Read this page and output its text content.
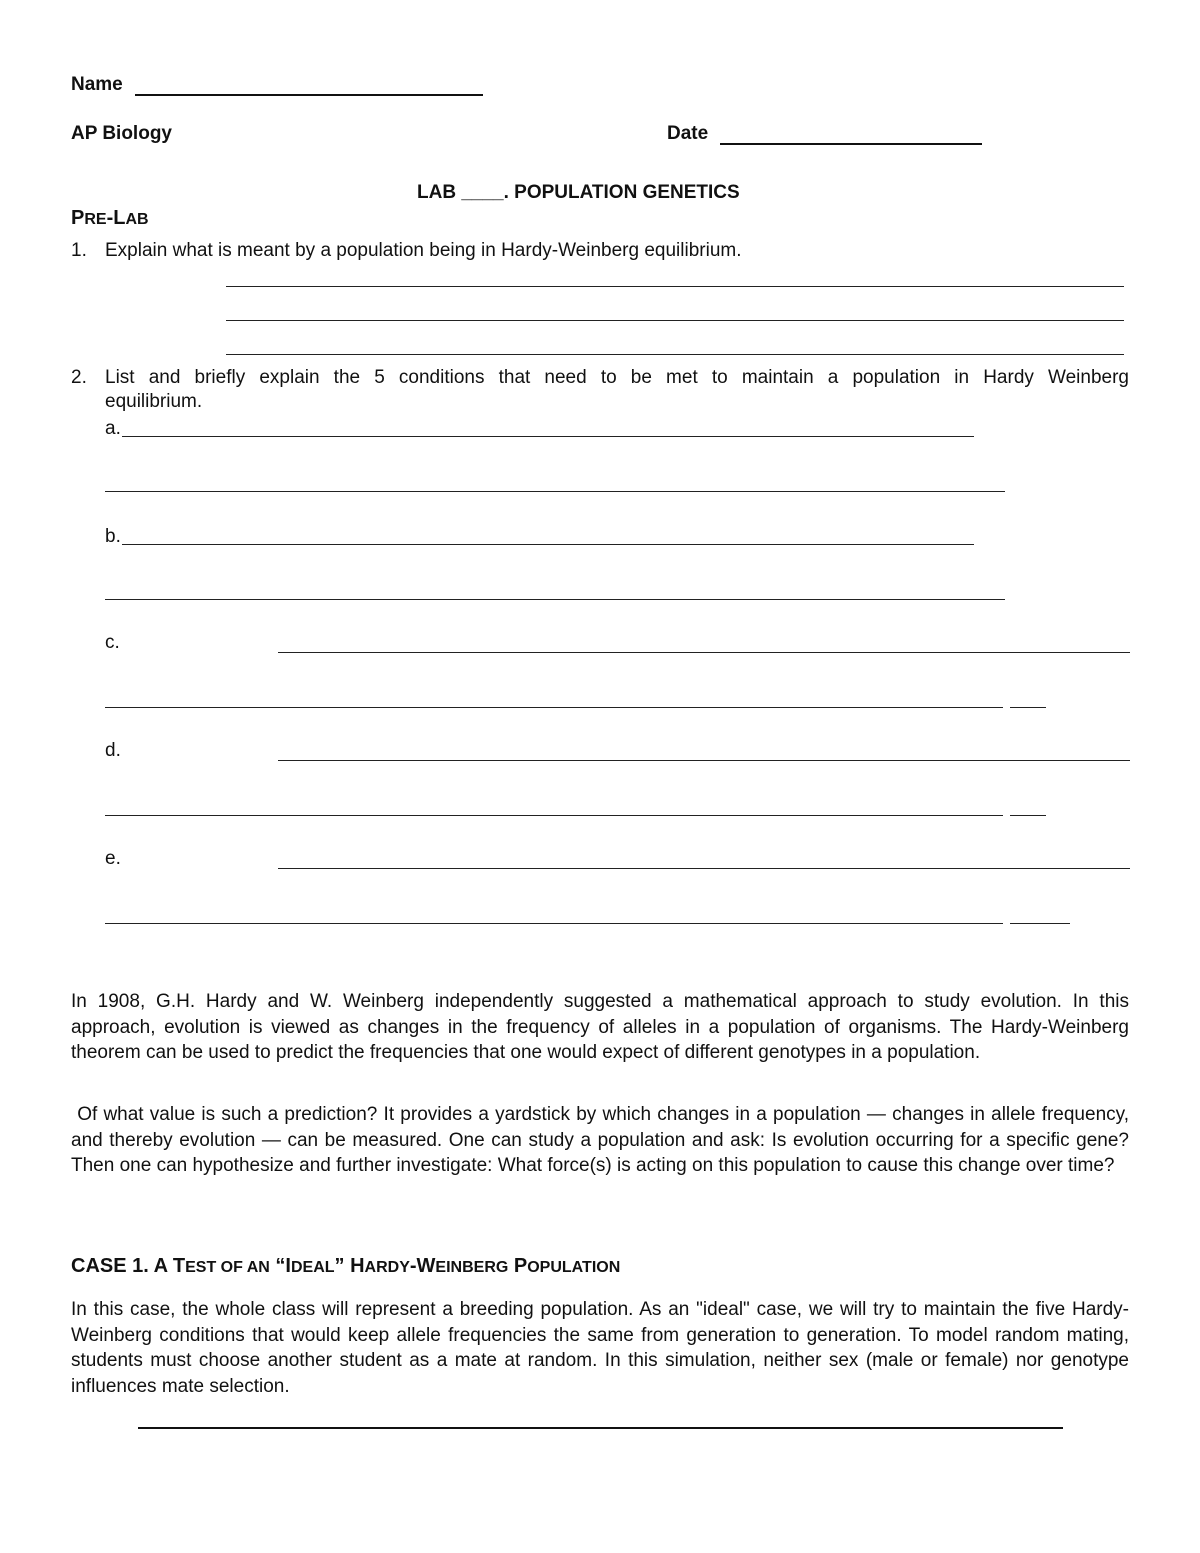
Name
AP Biology	Date
LAB ____. POPULATION GENETICS
PRE-LAB
1. Explain what is meant by a population being in Hardy-Weinberg equilibrium.
2. List and briefly explain the 5 conditions that need to be met to maintain a population in Hardy Weinberg
equilibrium.
a.
b.
c.
d.
e.
In 1908, G.H. Hardy and W. Weinberg independently suggested a mathematical approach to study evolution. In this approach, evolution is viewed as changes in the frequency of alleles in a population of organisms. The Hardy-Weinberg theorem can be used to predict the frequencies that one would expect of different genotypes in a population.
Of what value is such a prediction? It provides a yardstick by which changes in a population — changes in allele frequency, and thereby evolution — can be measured. One can study a population and ask: Is evolution occurring for a specific gene? Then one can hypothesize and further investigate: What force(s) is acting on this population to cause this change over time?
CASE 1. A TEST OF AN “IDEAL” HARDY-WEINBERG POPULATION
In this case, the whole class will represent a breeding population. As an "ideal" case, we will try to maintain the five Hardy-Weinberg conditions that would keep allele frequencies the same from generation to generation. To model random mating, students must choose another student as a mate at random. In this simulation, neither sex (male or female) nor genotype influences mate selection.
